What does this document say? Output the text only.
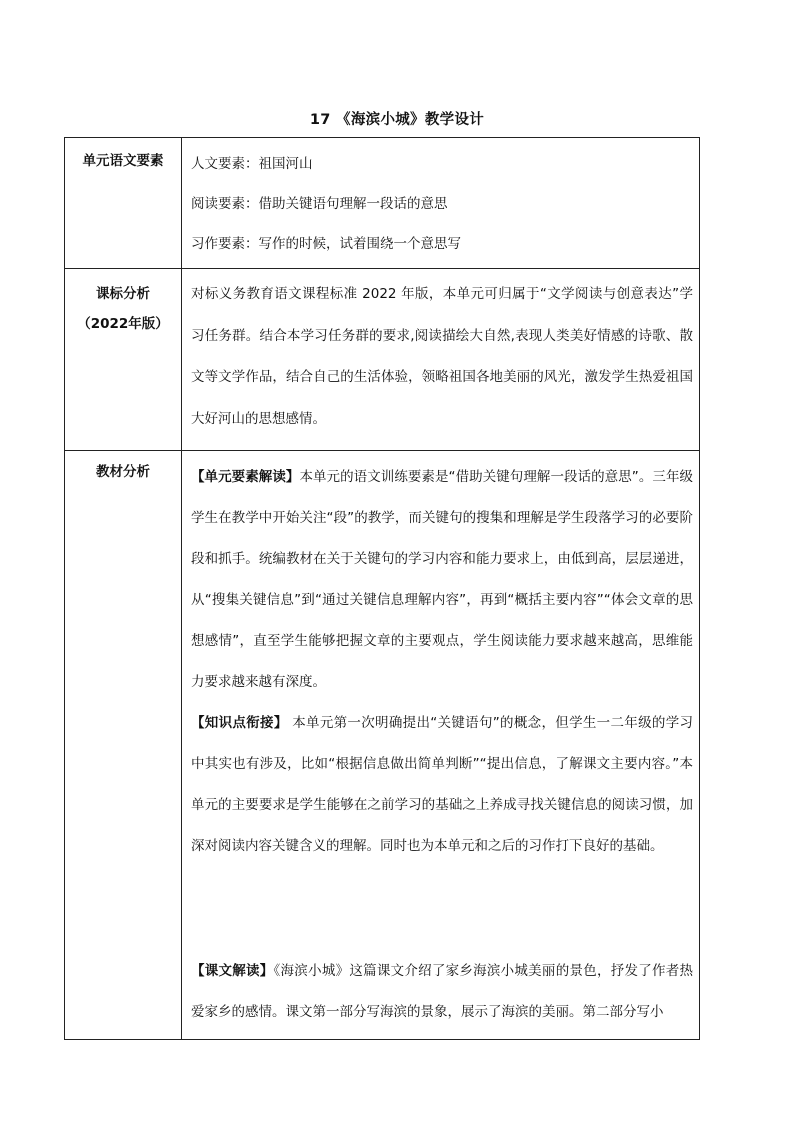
17 《海滨小城》教学设计
单元语文要素	人文要素：祖国河山

阅读要素：借助关键语句理解一段话的意思

习作要素：写作的时候，试着围绕一个意思写

课标分析（2022年版）	对标义务教育语文课程标准 2022 年版，本单元可归属于“文学阅读与创意表达”学习任务群。结合本学习任务群的要求,阅读描绘大自然,表现人类美好情感的诗歌、散文等文学作品，结合自己的生活体验，领略祖国各地美丽的风光，激发学生热爱祖国大好河山的思想感情。

教材分析	【单元要素解读】本单元的语文训练要素是“借助关键句理解一段话的意思”。三年级学生在教学中开始关注“段”的教学，而关键句的搜集和理解是学生段落学习的必要阶段和抓手。统编教材在关于关键句的学习内容和能力要求上，由低到高，层层递进，从“搜集关键信息”到“通过关键信息理解内容”，再到“概括主要内容”“体会文章的思想感情”，直至学生能够把握文章的主要观点，学生阅读能力要求越来越高，思维能力要求越来越有深度。

【知识点衔接】 本单元第一次明确提出“关键语句”的概念，但学生一二年级的学习中其实也有涉及，比如“根据信息做出简单判断”“提出信息，了解课文主要内容。”本单元的主要要求是学生能够在之前学习的基础之上养成寻找关键信息的阅读习惯，加深对阅读内容关键含义的理解。同时也为本单元和之后的习作打下良好的基础。

【课文解读】《海滨小城》这篇课文介绍了家乡海滨小城美丽的景色，抒发了作者热爱家乡的感情。课文第一部分写海滨的景象，展示了海滨的美丽。第二部分写小
